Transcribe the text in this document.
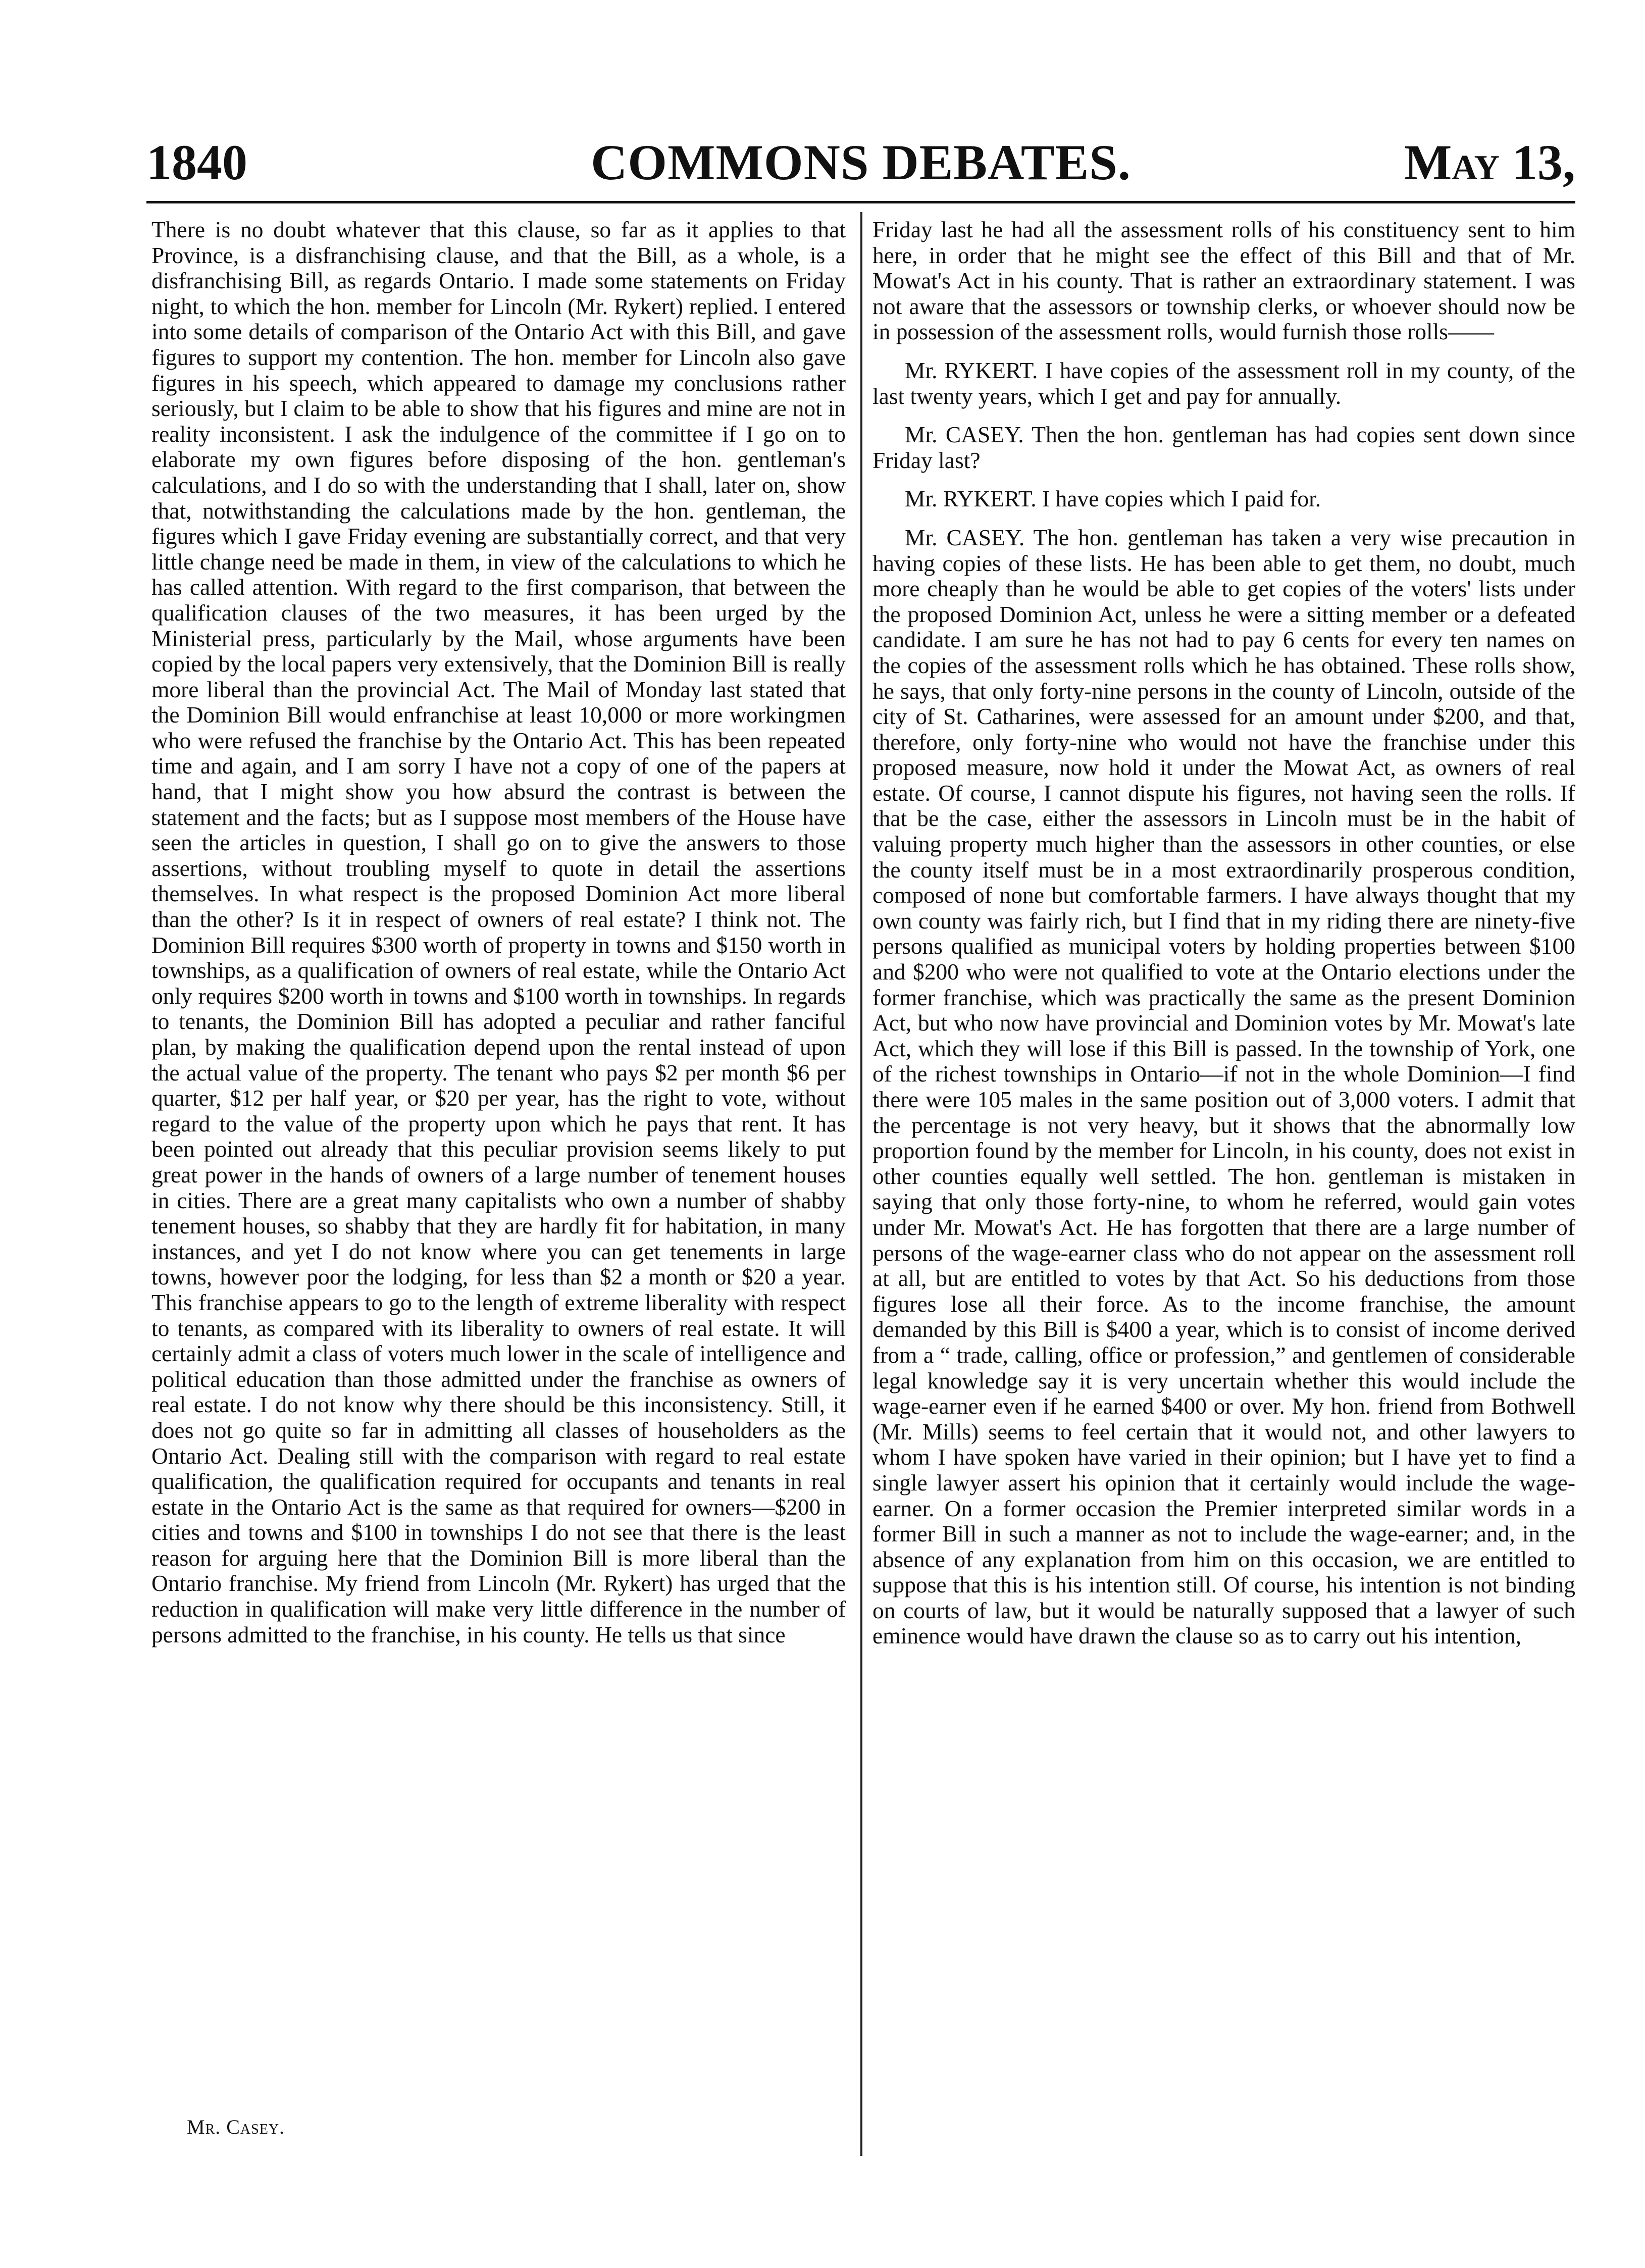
1840	COMMONS DEBATES.	May 13,

There is no doubt whatever that this clause, so far as it applies to that Province, is a disfranchising clause, and that the Bill, as a whole, is a disfranchising Bill, as regards Ontario. I made some statements on Friday night, to which the hon. member for Lincoln (Mr. Rykert) replied. I entered into some details of comparison of the Ontario Act with this Bill, and gave figures to support my contention. The hon. member for Lincoln also gave figures in his speech, which appeared to damage my conclusions rather seriously, but I claim to be able to show that his figures and mine are not in reality inconsistent. I ask the indulgence of the committee if I go on to elaborate my own figures before disposing of the hon. gentleman's calculations, and I do so with the understanding that I shall, later on, show that, notwithstanding the calculations made by the hon. gentleman, the figures which I gave Friday evening are substantially correct, and that very little change need be made in them, in view of the calculations to which he has called attention. With regard to the first comparison, that between the qualification clauses of the two measures, it has been urged by the Ministerial press, particularly by the Mail, whose arguments have been copied by the local papers very extensively, that the Dominion Bill is really more liberal than the provincial Act. The Mail of Monday last stated that the Dominion Bill would enfranchise at least 10,000 or more workingmen who were refused the franchise by the Ontario Act. This has been repeated time and again, and I am sorry I have not a copy of one of the papers at hand, that I might show you how absurd the contrast is between the statement and the facts; but as I suppose most members of the House have seen the articles in question, I shall go on to give the answers to those assertions, without troubling myself to quote in detail the assertions themselves. In what respect is the proposed Dominion Act more liberal than the other? Is it in respect of owners of real estate? I think not. The Dominion Bill requires $300 worth of property in towns and $150 worth in townships, as a qualification of owners of real estate, while the Ontario Act only requires $200 worth in towns and $100 worth in townships. In regards to tenants, the Dominion Bill has adopted a peculiar and rather fanciful plan, by making the qualification depend upon the rental instead of upon the actual value of the property. The tenant who pays $2 per month $6 per quarter, $12 per half year, or $20 per year, has the right to vote, without regard to the value of the property upon which he pays that rent. It has been pointed out already that this peculiar provision seems likely to put great power in the hands of owners of a large number of tenement houses in cities. There are a great many capitalists who own a number of shabby tenement houses, so shabby that they are hardly fit for habitation, in many instances, and yet I do not know where you can get tenements in large towns, however poor the lodging, for less than $2 a month or $20 a year. This franchise appears to go to the length of extreme liberality with respect to tenants, as compared with its liberality to owners of real estate. It will certainly admit a class of voters much lower in the scale of intelligence and political education than those admitted under the franchise as owners of real estate. I do not know why there should be this inconsistency. Still, it does not go quite so far in admitting all classes of householders as the Ontario Act. Dealing still with the comparison with regard to real estate qualification, the qualification required for occupants and tenants in real estate in the Ontario Act is the same as that required for owners—$200 in cities and towns and $100 in townships I do not see that there is the least reason for arguing here that the Dominion Bill is more liberal than the Ontario franchise. My friend from Lincoln (Mr. Rykert) has urged that the reduction in qualification will make very little difference in the number of persons admitted to the franchise, in his county. He tells us that since

Friday last he had all the assessment rolls of his constituency sent to him here, in order that he might see the effect of this Bill and that of Mr. Mowat's Act in his county. That is rather an extraordinary statement. I was not aware that the assessors or township clerks, or whoever should now be in possession of the assessment rolls, would furnish those rolls——

Mr. RYKERT. I have copies of the assessment roll in my county, of the last twenty years, which I get and pay for annually.

Mr. CASEY. Then the hon. gentleman has had copies sent down since Friday last?

Mr. RYKERT. I have copies which I paid for.

Mr. CASEY. The hon. gentleman has taken a very wise precaution in having copies of these lists. He has been able to get them, no doubt, much more cheaply than he would be able to get copies of the voters' lists under the proposed Dominion Act, unless he were a sitting member or a defeated candidate. I am sure he has not had to pay 6 cents for every ten names on the copies of the assessment rolls which he has obtained. These rolls show, he says, that only forty-nine persons in the county of Lincoln, outside of the city of St. Catharines, were assessed for an amount under $200, and that, therefore, only forty-nine who would not have the franchise under this proposed measure, now hold it under the Mowat Act, as owners of real estate. Of course, I cannot dispute his figures, not having seen the rolls. If that be the case, either the assessors in Lincoln must be in the habit of valuing property much higher than the assessors in other counties, or else the county itself must be in a most extraordinarily prosperous condition, composed of none but comfortable farmers. I have always thought that my own county was fairly rich, but I find that in my riding there are ninety-five persons qualified as municipal voters by holding properties between $100 and $200 who were not qualified to vote at the Ontario elections under the former franchise, which was practically the same as the present Dominion Act, but who now have provincial and Dominion votes by Mr. Mowat's late Act, which they will lose if this Bill is passed. In the township of York, one of the richest townships in Ontario—if not in the whole Dominion—I find there were 105 males in the same position out of 3,000 voters. I admit that the percentage is not very heavy, but it shows that the abnormally low proportion found by the member for Lincoln, in his county, does not exist in other counties equally well settled. The hon. gentleman is mistaken in saying that only those forty-nine, to whom he referred, would gain votes under Mr. Mowat's Act. He has forgotten that there are a large number of persons of the wage-earner class who do not appear on the assessment roll at all, but are entitled to votes by that Act. So his deductions from those figures lose all their force. As to the income franchise, the amount demanded by this Bill is $400 a year, which is to consist of income derived from a “ trade, calling, office or profession,” and gentlemen of considerable legal knowledge say it is very uncertain whether this would include the wage-earner even if he earned $400 or over. My hon. friend from Bothwell (Mr. Mills) seems to feel certain that it would not, and other lawyers to whom I have spoken have varied in their opinion; but I have yet to find a single lawyer assert his opinion that it certainly would include the wage-earner. On a former occasion the Premier interpreted similar words in a former Bill in such a manner as not to include the wage-earner; and, in the absence of any explanation from him on this occasion, we are entitled to suppose that this is his intention still. Of course, his intention is not binding on courts of law, but it would be naturally supposed that a lawyer of such eminence would have drawn the clause so as to carry out his intention,

Mr. Casey.
